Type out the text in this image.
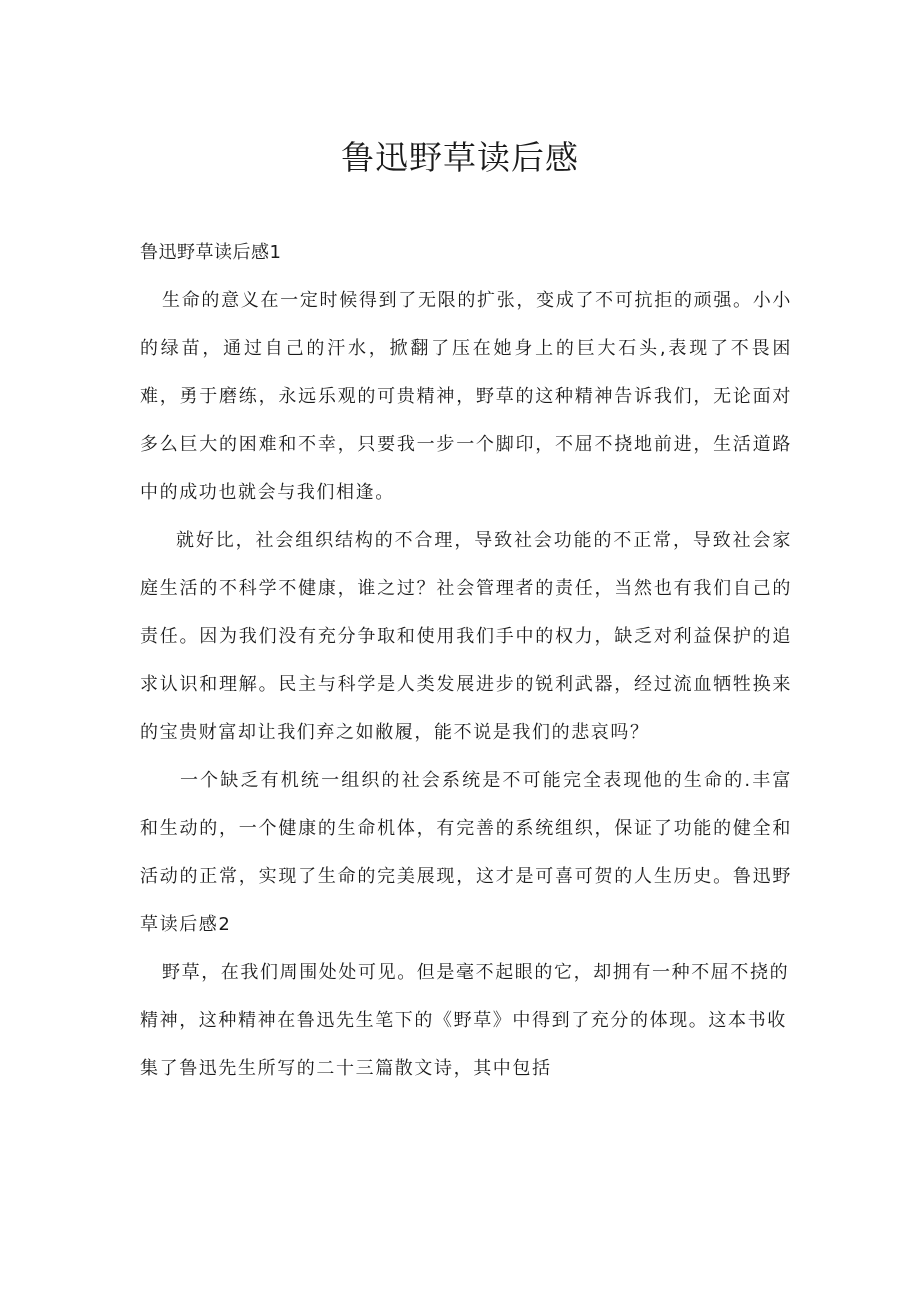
鲁迅野草读后感

鲁迅野草读后感1

生命的意义在一定时候得到了无限的扩张，变成了不可抗拒的顽强。小小的绿苗，通过自己的汗水，掀翻了压在她身上的巨大石头,表现了不畏困难，勇于磨练，永远乐观的可贵精神，野草的这种精神告诉我们，无论面对多么巨大的困难和不幸，只要我一步一个脚印，不屈不挠地前进，生活道路中的成功也就会与我们相逢。

就好比，社会组织结构的不合理，导致社会功能的不正常，导致社会家庭生活的不科学不健康，谁之过？社会管理者的责任，当然也有我们自己的责任。因为我们没有充分争取和使用我们手中的权力，缺乏对利益保护的追求认识和理解。民主与科学是人类发展进步的锐利武器，经过流血牺牲换来的宝贵财富却让我们弃之如敝履，能不说是我们的悲哀吗？

一个缺乏有机统一组织的社会系统是不可能完全表现他的生命的.丰富和生动的，一个健康的生命机体，有完善的系统组织，保证了功能的健全和活动的正常，实现了生命的完美展现，这才是可喜可贺的人生历史。鲁迅野草读后感2

野草，在我们周围处处可见。但是毫不起眼的它，却拥有一种不屈不挠的精神，这种精神在鲁迅先生笔下的《野草》中得到了充分的体现。这本书收集了鲁迅先生所写的二十三篇散文诗，其中包括
